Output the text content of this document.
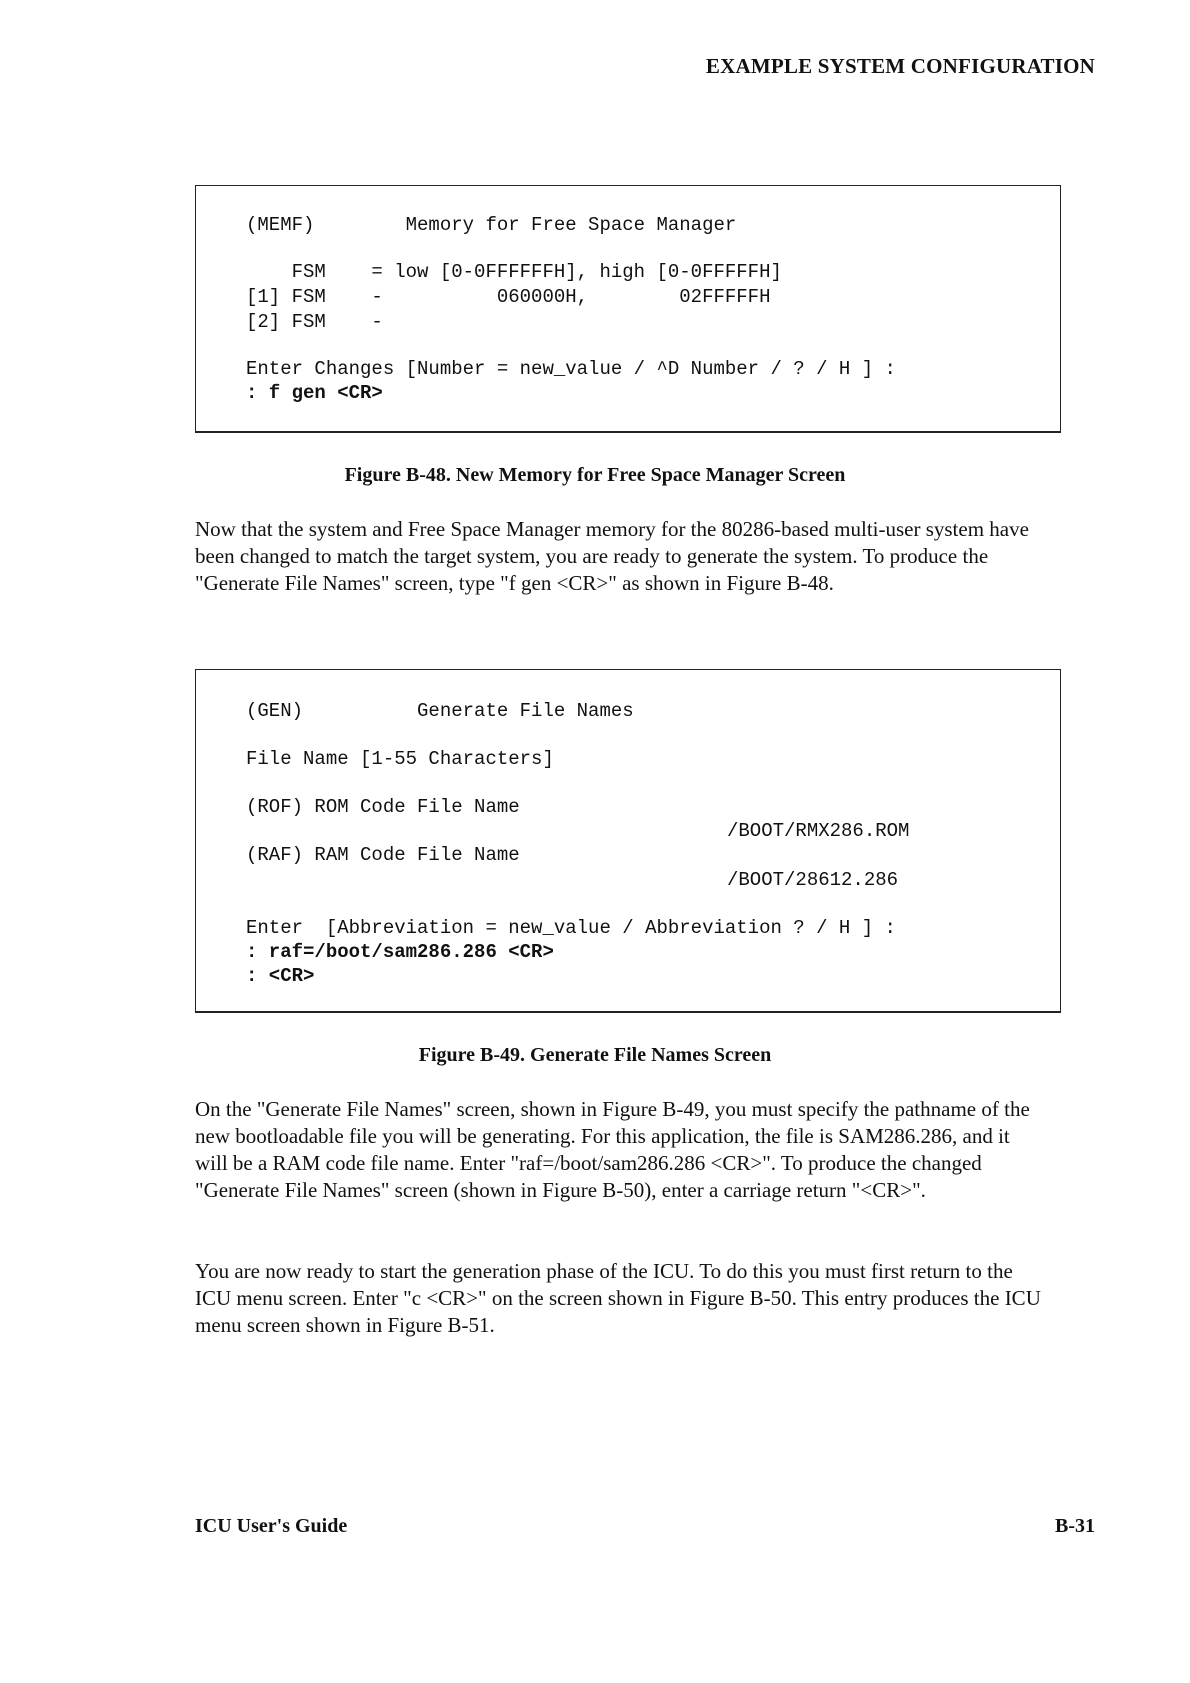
EXAMPLE SYSTEM CONFIGURATION
(MEMF)        Memory for Free Space Manager
FSM    = low [0-0FFFFFFH], high [0-0FFFFFH]
[1] FSM    -          060000H,        02FFFFFH
[2] FSM    -
Enter Changes [Number = new_value / ^D Number / ? / H ] :
: f gen <CR>
Figure B-48. New Memory for Free Space Manager Screen

Now that the system and Free Space Manager memory for the 80286-based multi-user system have been changed to match the target system, you are ready to generate the system. To produce the "Generate File Names" screen, type "f gen <CR>" as shown in Figure B-48.

(GEN)          Generate File Names
File Name [1-55 Characters]
(ROF) ROM Code File Name
/BOOT/RMX286.ROM
(RAF) RAM Code File Name
/BOOT/28612.286
Enter  [Abbreviation = new_value / Abbreviation ? / H ] :
: raf=/boot/sam286.286 <CR>
: <CR>
Figure B-49. Generate File Names Screen

On the "Generate File Names" screen, shown in Figure B-49, you must specify the pathname of the new bootloadable file you will be generating. For this application, the file is SAM286.286, and it will be a RAM code file name. Enter "raf=/boot/sam286.286 <CR>". To produce the changed "Generate File Names" screen (shown in Figure B-50), enter a carriage return "<CR>".

You are now ready to start the generation phase of the ICU. To do this you must first return to the ICU menu screen. Enter "c <CR>" on the screen shown in Figure B-50. This entry produces the ICU menu screen shown in Figure B-51.

ICU User's Guide	B-31
